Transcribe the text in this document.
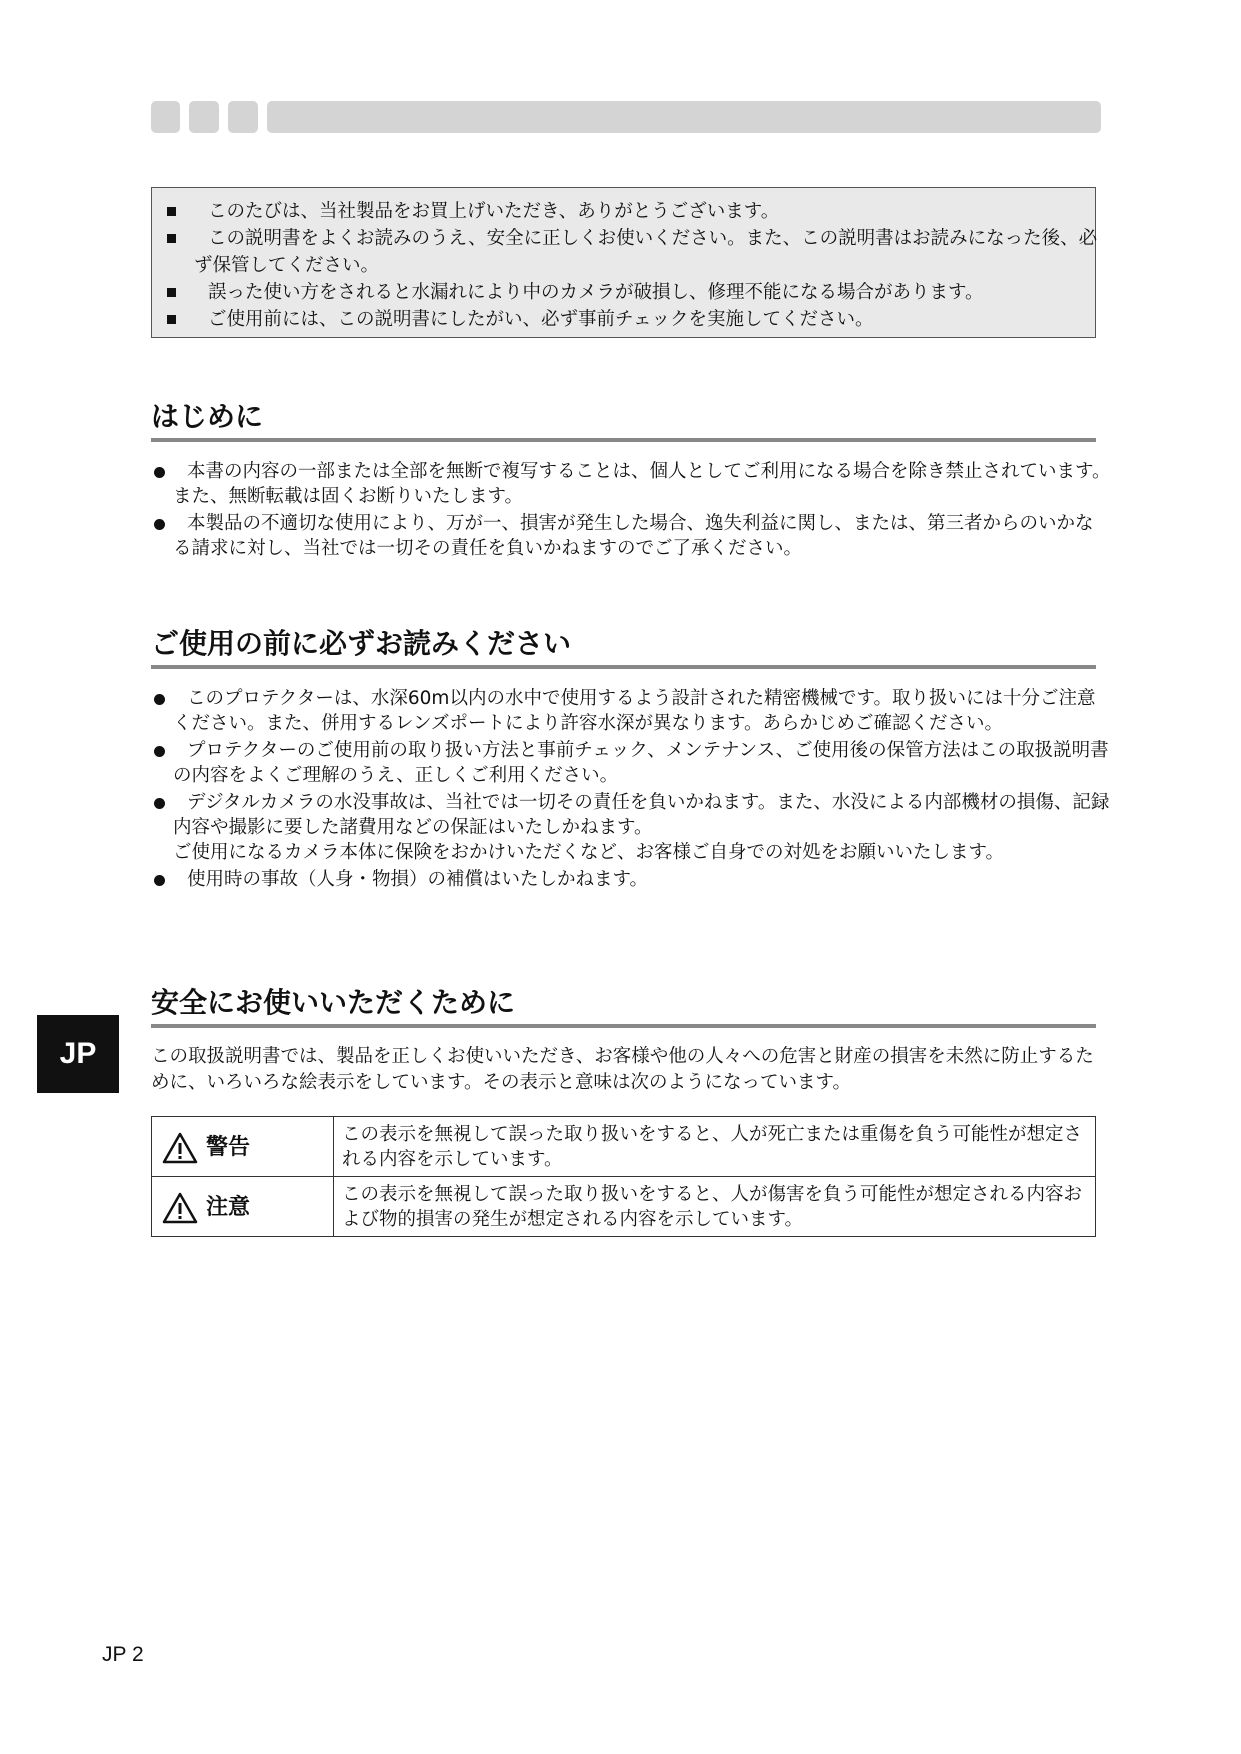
このたびは、当社製品をお買上げいただき、ありがとうございます。
この説明書をよくお読みのうえ、安全に正しくお使いください。また、この説明書はお読みになった後、必ず保管してください。
誤った使い方をされると水漏れにより中のカメラが破損し、修理不能になる場合があります。
ご使用前には、この説明書にしたがい、必ず事前チェックを実施してください。
はじめに
本書の内容の一部または全部を無断で複写することは、個人としてご利用になる場合を除き禁止されています。また、無断転載は固くお断りいたします。
本製品の不適切な使用により、万が一、損害が発生した場合、逸失利益に関し、または、第三者からのいかなる請求に対し、当社では一切その責任を負いかねますのでご了承ください。
ご使用の前に必ずお読みください
このプロテクターは、水深60m以内の水中で使用するよう設計された精密機械です。取り扱いには十分ご注意ください。また、併用するレンズポートにより許容水深が異なります。あらかじめご確認ください。
プロテクターのご使用前の取り扱い方法と事前チェック、メンテナンス、ご使用後の保管方法はこの取扱説明書の内容をよくご理解のうえ、正しくご利用ください。
デジタルカメラの水没事故は、当社では一切その責任を負いかねます。また、水没による内部機材の損傷、記録内容や撮影に要した諸費用などの保証はいたしかねます。
ご使用になるカメラ本体に保険をおかけいただくなど、お客様ご自身での対処をお願いいたします。
使用時の事故（人身・物損）の補償はいたしかねます。
JP
安全にお使いいただくために

この取扱説明書では、製品を正しくお使いいただき、お客様や他の人々への危害と財産の損害を未然に防止するために、いろいろな絵表示をしています。その表示と意味は次のようになっています。

警告	この表示を無視して誤った取り扱いをすると、人が死亡または重傷を負う可能性が想定される内容を示しています。
注意	この表示を無視して誤った取り扱いをすると、人が傷害を負う可能性が想定される内容および物的損害の発生が想定される内容を示しています。
JP 2
